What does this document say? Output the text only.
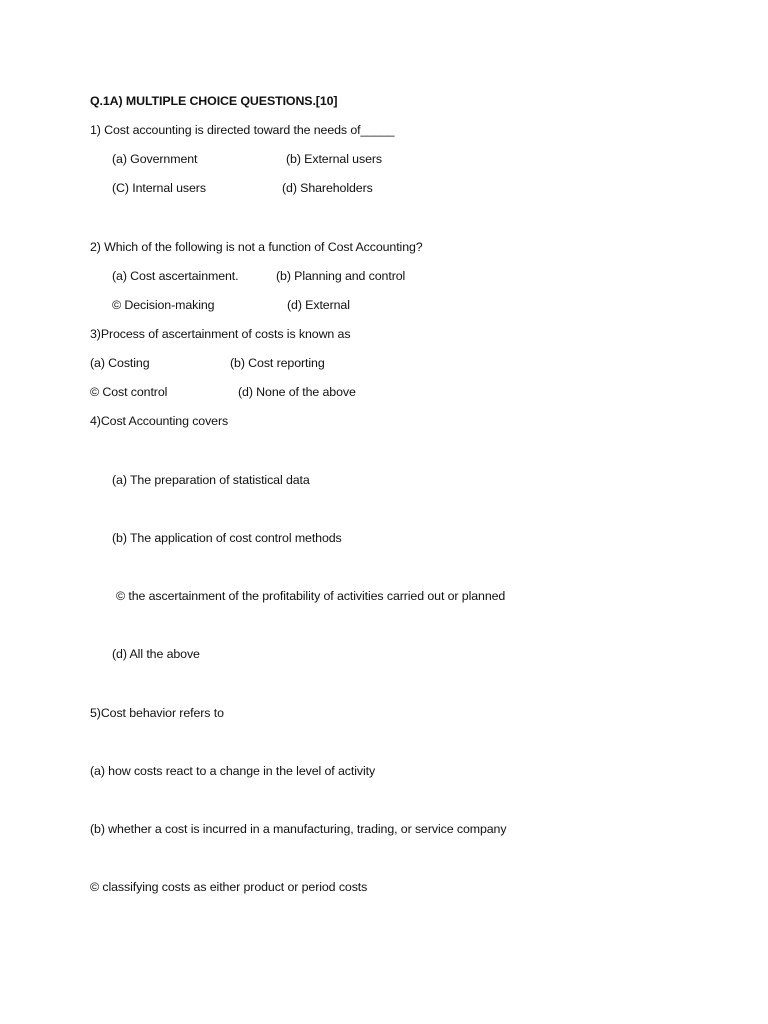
Q.1A) MULTIPLE CHOICE QUESTIONS.[10]
1) Cost accounting is directed toward the needs of_____
(a) Government	(b) External users
(C) Internal users	(d) Shareholders
2) Which of the following is not a function of Cost Accounting?
(a) Cost ascertainment.	(b) Planning and control
© Decision-making	(d) External
3)Process of ascertainment of costs is known as
(a) Costing	(b) Cost reporting
© Cost control	(d) None of the above
4)Cost Accounting covers
(a) The preparation of statistical data
(b) The application of cost control methods
© the ascertainment of the profitability of activities carried out or planned
(d) All the above
5)Cost behavior refers to
(a) how costs react to a change in the level of activity
(b) whether a cost is incurred in a manufacturing, trading, or service company
© classifying costs as either product or period costs
